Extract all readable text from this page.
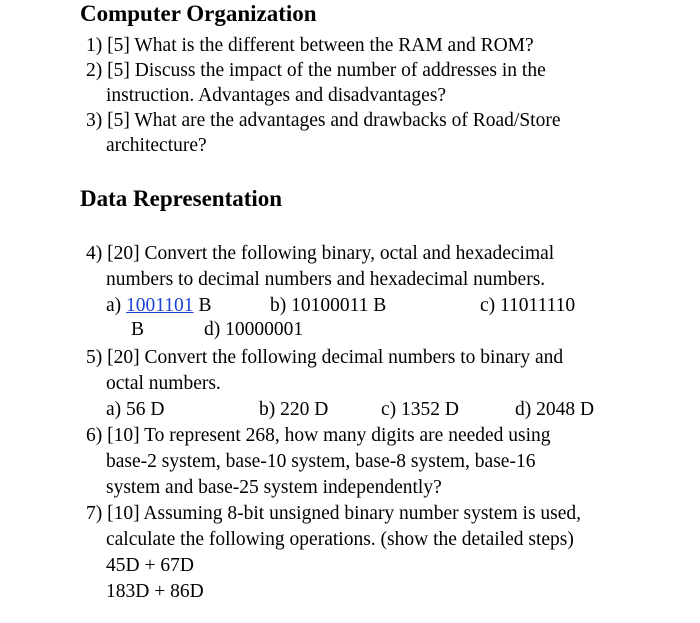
Computer Organization
1) [5] What is the different between the RAM and ROM?
2) [5] Discuss the impact of the number of addresses in the
instruction. Advantages and disadvantages?
3) [5] What are the advantages and drawbacks of Road/Store
architecture?
Data Representation
4) [20] Convert the following binary, octal and hexadecimal
numbers to decimal numbers and hexadecimal numbers.
a) 1001101 B	b) 10100011 B	c) 11011110
B	d) 10000001
5) [20] Convert the following decimal numbers to binary and
octal numbers.
a) 56 D	b) 220 D	c) 1352 D	d) 2048 D
6) [10] To represent 268, how many digits are needed using
base-2 system, base-10 system, base-8 system, base-16
system and base-25 system independently?
7) [10] Assuming 8-bit unsigned binary number system is used,
calculate the following operations. (show the detailed steps)
45D + 67D
183D + 86D
